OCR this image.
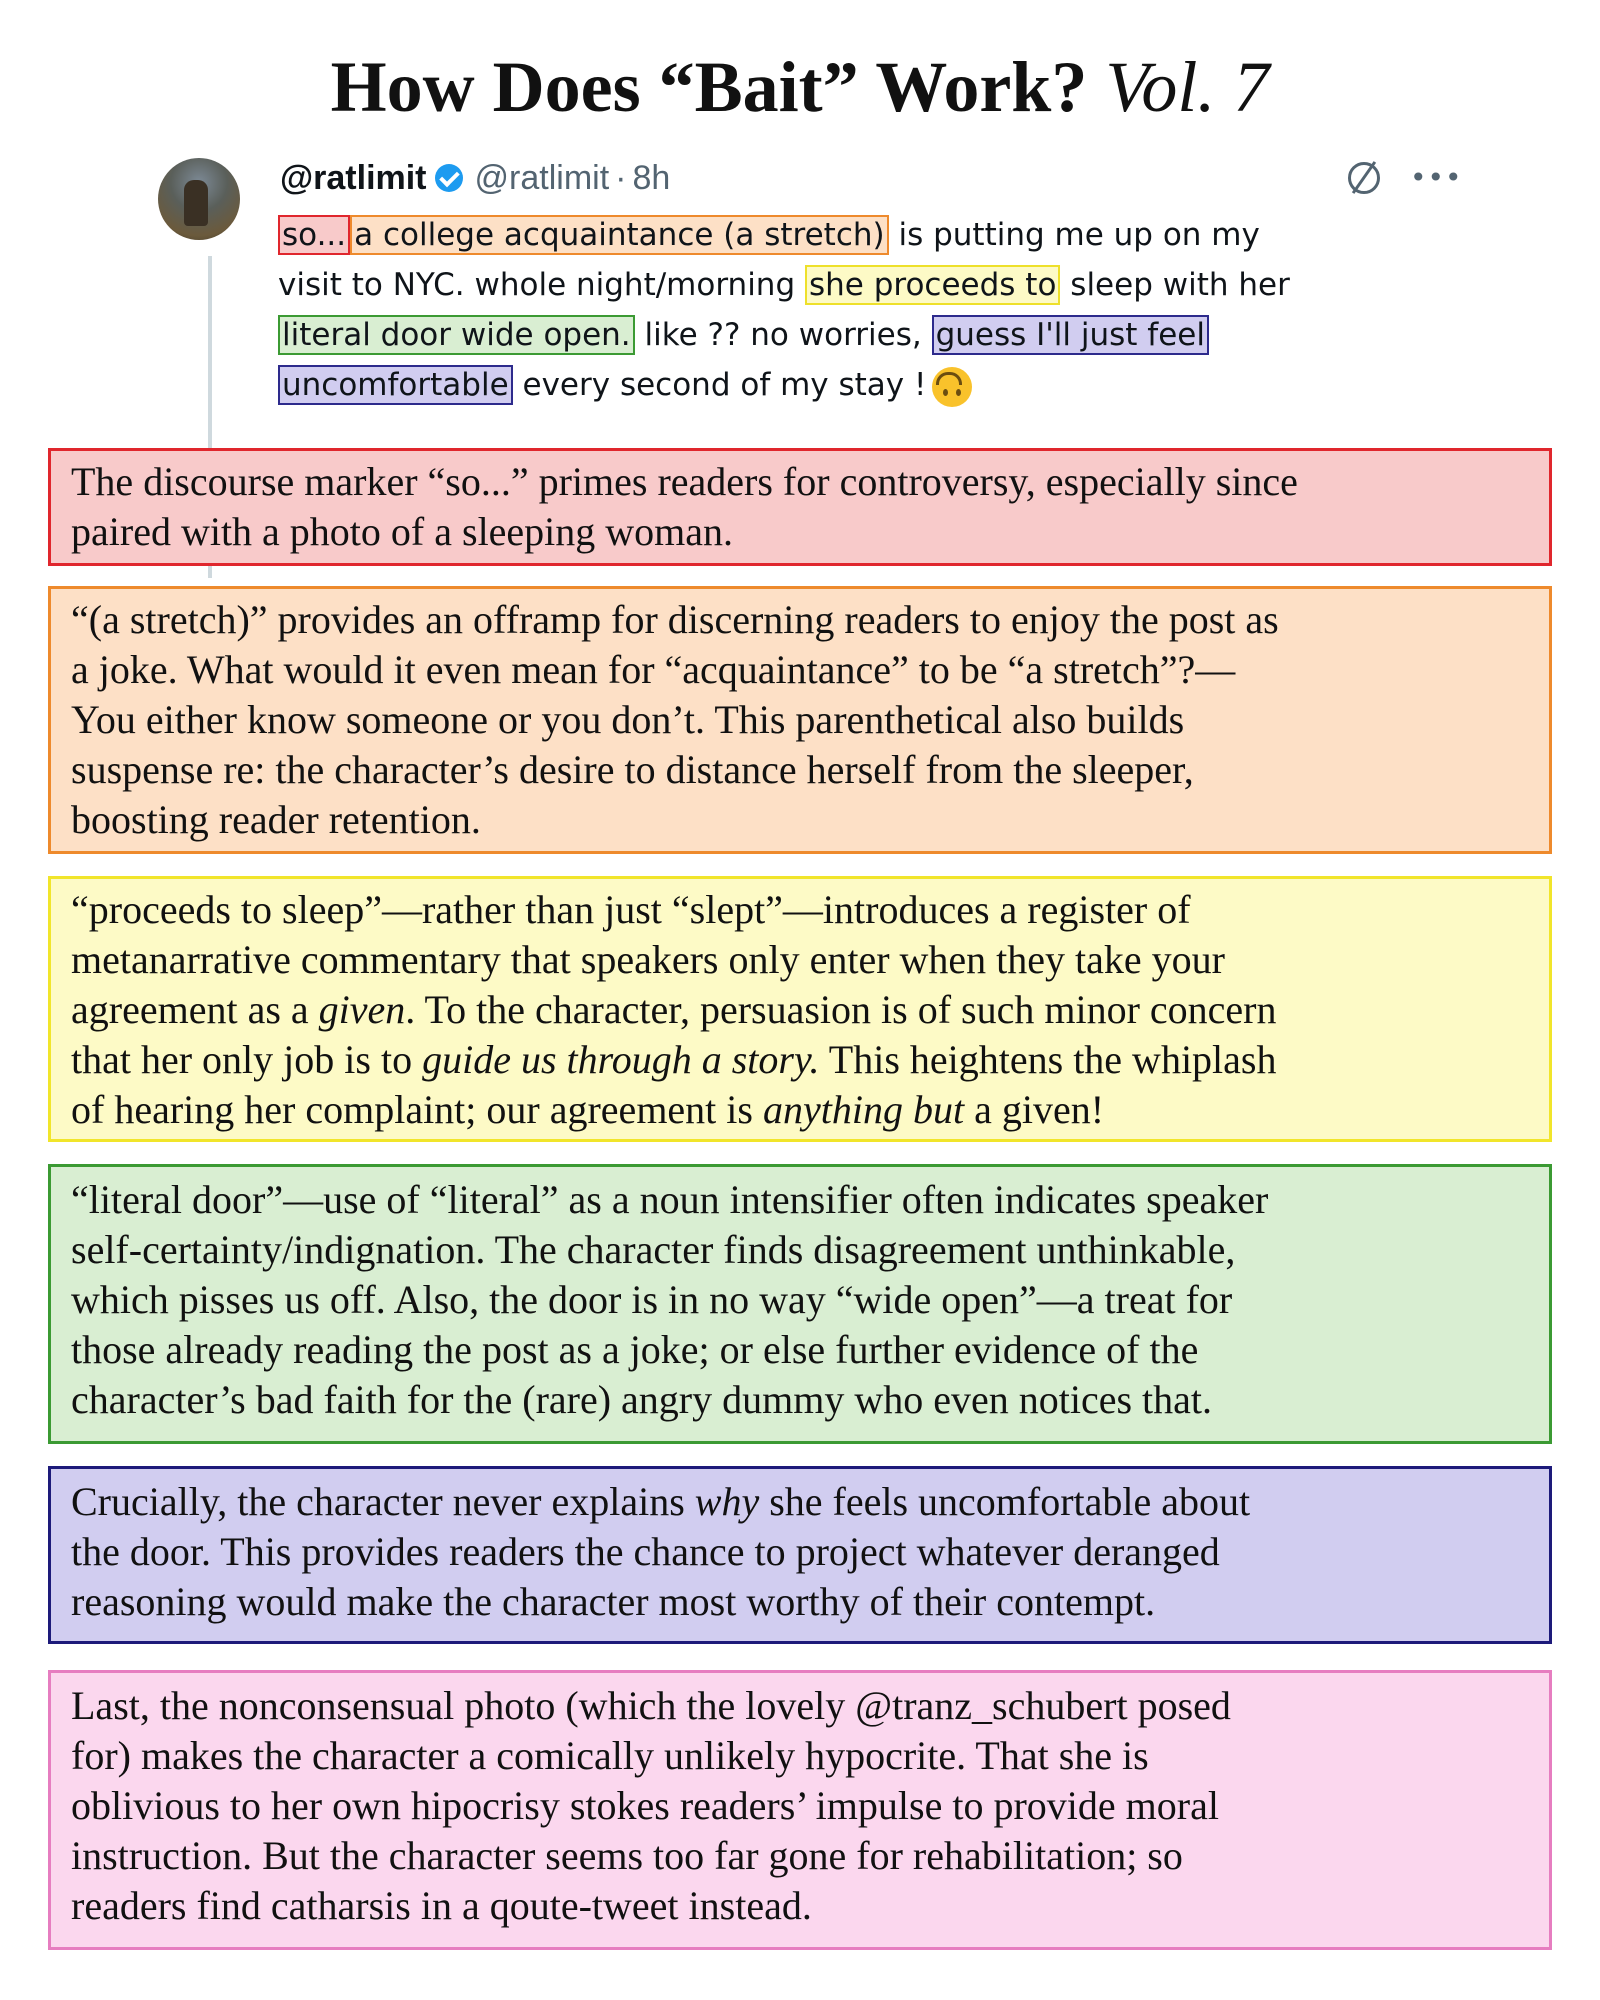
How Does “Bait” Work? Vol. 7
@ratlimit @ratlimit · 8h	•••

so... a college acquaintance (a stretch) is putting me up on my
visit to NYC. whole night/morning she proceeds to sleep with her
literal door wide open. like ?? no worries, guess I'll just feel
uncomfortable every second of my stay !

The discourse marker “so...” primes readers for controversy, especially since

paired with a photo of a sleeping woman.

“(a stretch)” provides an offramp for discerning readers to enjoy the post as

a joke. What would it even mean for “acquaintance” to be “a stretch”?—

You either know someone or you don’t. This parenthetical also builds

suspense re: the character’s desire to distance herself from the sleeper,

boosting reader retention.

“proceeds to sleep”—rather than just “slept”—introduces a register of

metanarrative commentary that speakers only enter when they take your

agreement as a given. To the character, persuasion is of such minor concern

that her only job is to guide us through a story. This heightens the whiplash

of hearing her complaint; our agreement is anything but a given!

“literal door”—use of “literal” as a noun intensifier often indicates speaker

self-certainty/indignation. The character finds disagreement unthinkable,

which pisses us off. Also, the door is in no way “wide open”—a treat for

those already reading the post as a joke; or else further evidence of the

character’s bad faith for the (rare) angry dummy who even notices that.

Crucially, the character never explains why she feels uncomfortable about

the door. This provides readers the chance to project whatever deranged

reasoning would make the character most worthy of their contempt.

Last, the nonconsensual photo (which the lovely @tranz_schubert posed

for) makes the character a comically unlikely hypocrite. That she is

oblivious to her own hipocrisy stokes readers’ impulse to provide moral

instruction. But the character seems too far gone for rehabilitation; so

readers find catharsis in a qoute-tweet instead.
